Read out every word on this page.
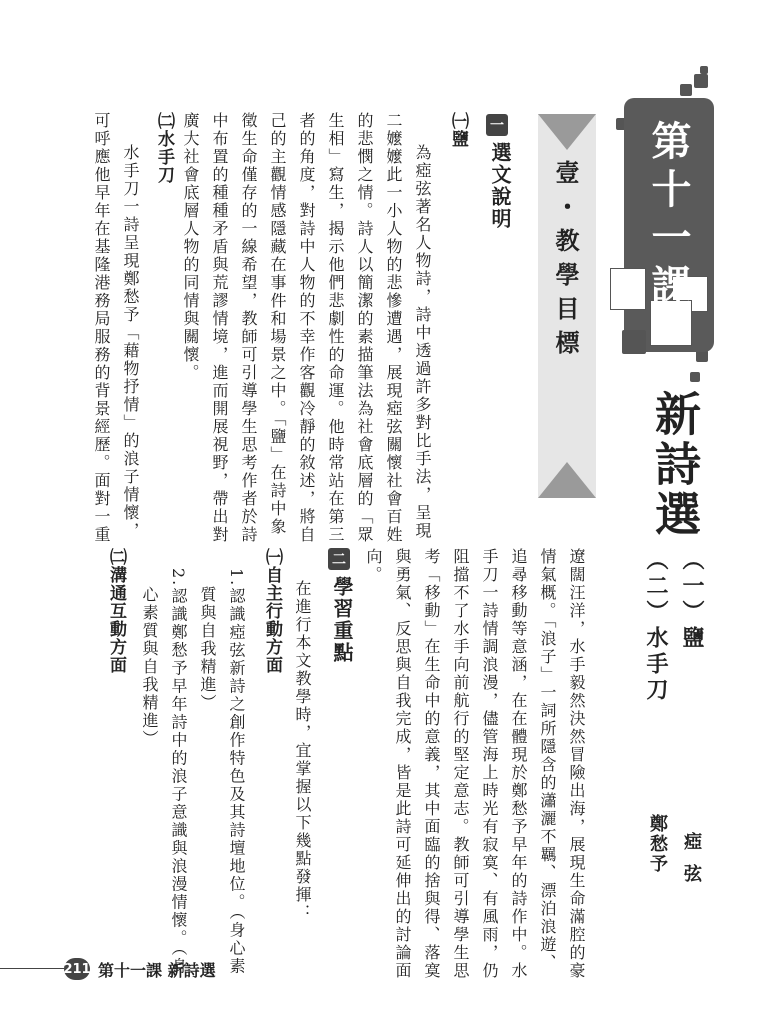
第十一課
新詩選
（一）鹽
（二）水手刀
瘂弦
鄭愁予
壹・教學目標
一
選文說明
㈠鹽
為瘂弦著名人物詩，詩中透過許多對比手法，呈現
二嬤嬤此一小人物的悲慘遭遇，展現瘂弦關懷社會百姓
的悲憫之情。詩人以簡潔的素描筆法為社會底層的「眾
生相」寫生，揭示他們悲劇性的命運。他時常站在第三
者的角度，對詩中人物的不幸作客觀冷靜的敘述，將自
己的主觀情感隱藏在事件和場景之中。「鹽」在詩中象
徵生命僅存的一線希望，教師可引導學生思考作者於詩
中布置的種種矛盾與荒謬情境，進而開展視野，帶出對
廣大社會底層人物的同情與關懷。
㈡水手刀
水手刀一詩呈現鄭愁予「藉物抒情」的浪子情懷，
可呼應他早年在基隆港務局服務的背景經歷。面對一重
遼闊汪洋，水手毅然決然冒險出海，展現生命滿腔的豪
情氣概。「浪子」一詞所隱含的瀟灑不羈、漂泊浪遊、
追尋移動等意涵，在在體現於鄭愁予早年的詩作中。水
手刀一詩情調浪漫，儘管海上時光有寂寞、有風雨，仍
阻擋不了水手向前航行的堅定意志。教師可引導學生思
考「移動」在生命中的意義，其中面臨的捨與得、落寞
與勇氣、反思與自我完成，皆是此詩可延伸出的討論面
向。
二
學習重點
在進行本文教學時，宜掌握以下幾點發揮：
㈠自主行動方面
1.認識瘂弦新詩之創作特色及其詩壇地位。（身心素
質與自我精進）
2.認識鄭愁予早年詩中的浪子意識與浪漫情懷。（身
心素質與自我精進）
㈡溝通互動方面
211 第十一課 新詩選
